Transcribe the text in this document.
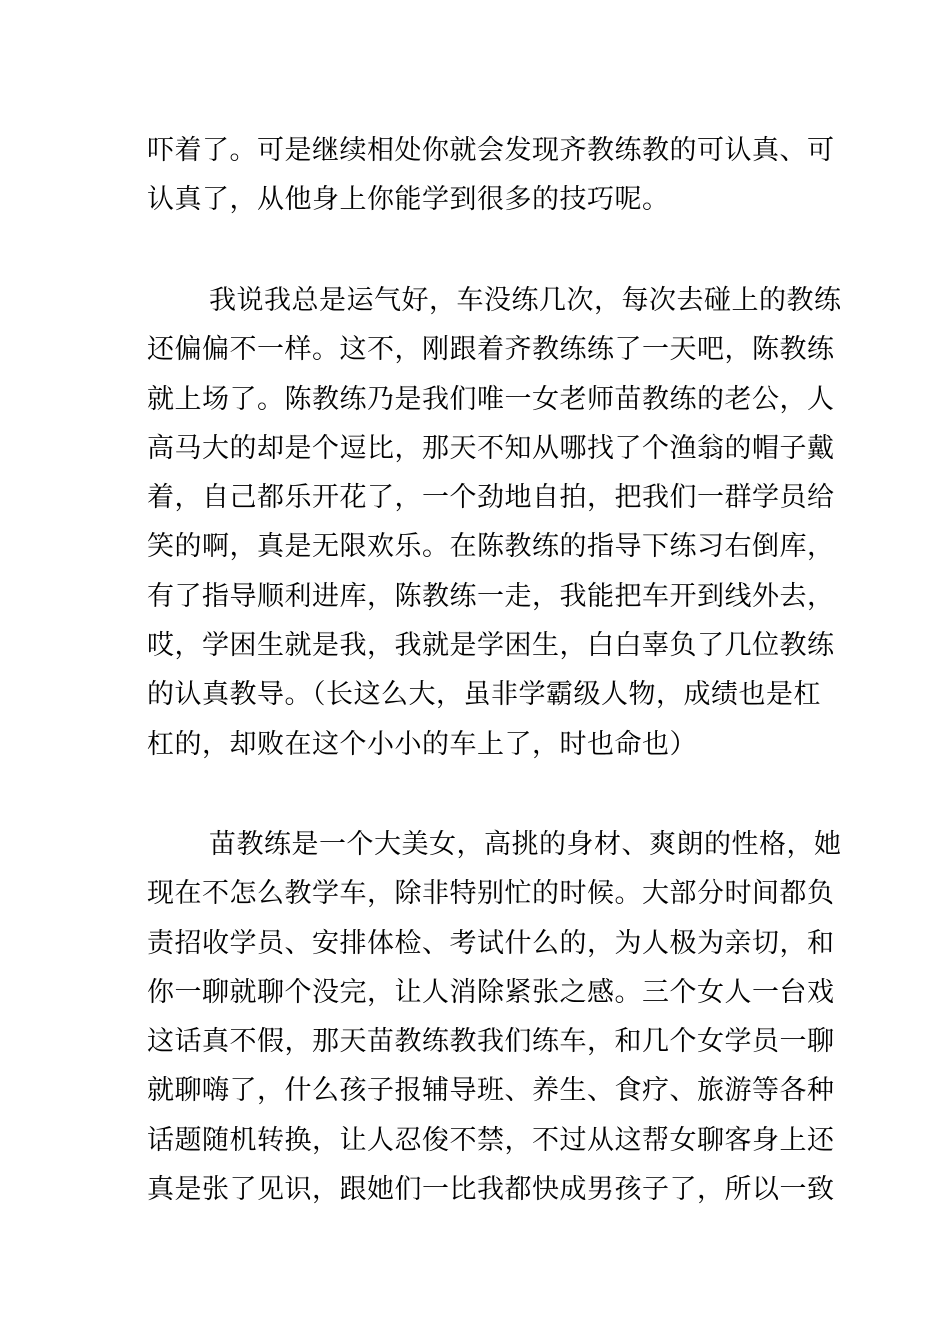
吓着了。可是继续相处你就会发现齐教练教的可认真、可
认真了，从他身上你能学到很多的技巧呢。
我说我总是运气好，车没练几次，每次去碰上的教练
还偏偏不一样。这不，刚跟着齐教练练了一天吧，陈教练
就上场了。陈教练乃是我们唯一女老师苗教练的老公，人
高马大的却是个逗比，那天不知从哪找了个渔翁的帽子戴
着，自己都乐开花了，一个劲地自拍，把我们一群学员给
笑的啊，真是无限欢乐。在陈教练的指导下练习右倒库，
有了指导顺利进库，陈教练一走，我能把车开到线外去，
哎，学困生就是我，我就是学困生，白白辜负了几位教练
的认真教导。（长这么大，虽非学霸级人物，成绩也是杠
杠的，却败在这个小小的车上了，时也命也）
苗教练是一个大美女，高挑的身材、爽朗的性格，她
现在不怎么教学车，除非特别忙的时候。大部分时间都负
责招收学员、安排体检、考试什么的，为人极为亲切，和
你一聊就聊个没完，让人消除紧张之感。三个女人一台戏
这话真不假，那天苗教练教我们练车，和几个女学员一聊
就聊嗨了，什么孩子报辅导班、养生、食疗、旅游等各种
话题随机转换，让人忍俊不禁，不过从这帮女聊客身上还
真是张了见识，跟她们一比我都快成男孩子了，所以一致
